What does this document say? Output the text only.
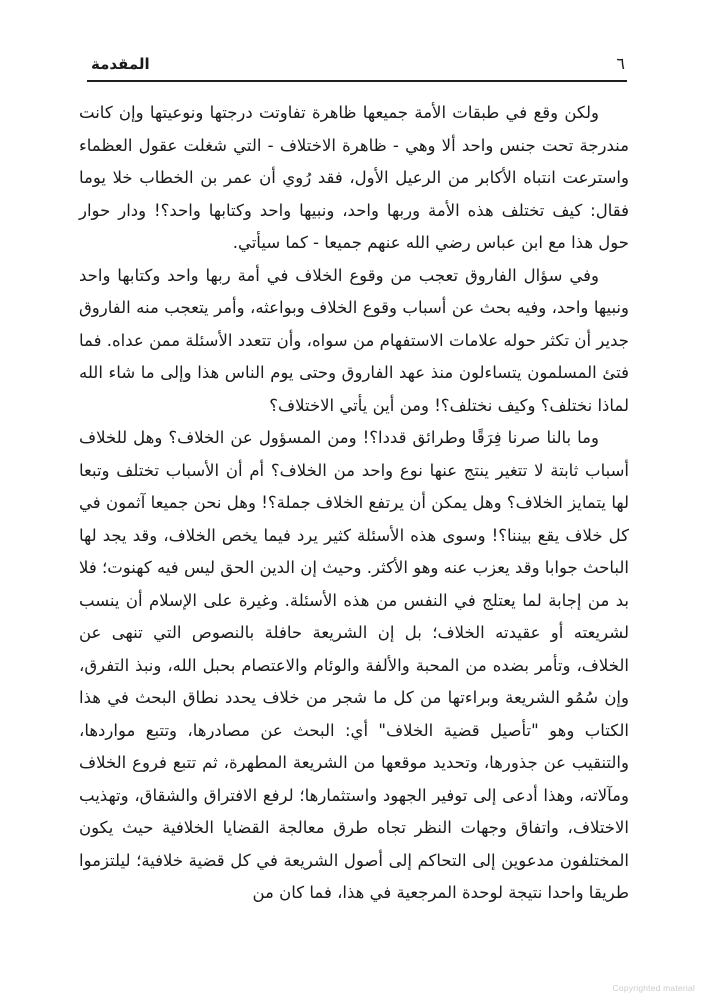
٦
المقدمة

ولكن وقع في طبقات الأمة جميعها ظاهرة تفاوتت درجتها ونوعيتها وإن كانت مندرجة تحت جنس واحد ألا وهي - ظاهرة الاختلاف - التي شغلت عقول العظماء واسترعت انتباه الأكابر من الرعيل الأول، فقد رُوي أن عمر بن الخطاب خلا يوما فقال: كيف تختلف هذه الأمة وربها واحد، ونبيها واحد وكتابها واحد؟! ودار حوار حول هذا مع ابن عباس رضي الله عنهم جميعا - كما سيأتي.

وفي سؤال الفاروق تعجب من وقوع الخلاف في أمة ربها واحد وكتابها واحد ونبيها واحد، وفيه بحث عن أسباب وقوع الخلاف وبواعثه، وأمر يتعجب منه الفاروق جدير أن تكثر حوله علامات الاستفهام من سواه، وأن تتعدد الأسئلة ممن عداه. فما فتئ المسلمون يتساءلون منذ عهد الفاروق وحتى يوم الناس هذا وإلى ما شاء الله لماذا نختلف؟ وكيف نختلف؟! ومن أين يأتي الاختلاف؟

وما بالنا صرنا فِرَقًا وطرائق قددا؟! ومن المسؤول عن الخلاف؟ وهل للخلاف أسباب ثابتة لا تتغير ينتج عنها نوع واحد من الخلاف؟ أم أن الأسباب تختلف وتبعا لها يتمايز الخلاف؟ وهل يمكن أن يرتفع الخلاف جملة؟! وهل نحن جميعا آثمون في كل خلاف يقع بيننا؟! وسوى هذه الأسئلة كثير يرد فيما يخص الخلاف، وقد يجد لها الباحث جوابا وقد يعزب عنه وهو الأكثر. وحيث إن الدين الحق ليس فيه كهنوت؛ فلا بد من إجابة لما يعتلج في النفس من هذه الأسئلة. وغيرة على الإسلام أن ينسب لشريعته أو عقيدته الخلاف؛ بل إن الشريعة حافلة بالنصوص التي تنهى عن الخلاف، وتأمر بضده من المحبة والألفة والوئام والاعتصام بحبل الله، ونبذ التفرق، وإن سُمُو الشريعة وبراءتها من كل ما شجر من خلاف يحدد نطاق البحث في هذا الكتاب وهو "تأصيل قضية الخلاف" أي: البحث عن مصادرها، وتتبع مواردها، والتنقيب عن جذورها، وتحديد موقعها من الشريعة المطهرة، ثم تتبع فروع الخلاف ومآلاته، وهذا أدعى إلى توفير الجهود واستثمارها؛ لرفع الافتراق والشقاق، وتهذيب الاختلاف، واتفاق وجهات النظر تجاه طرق معالجة القضايا الخلافية حيث يكون المختلفون مدعوين إلى التحاكم إلى أصول الشريعة في كل قضية خلافية؛ ليلتزموا طريقا واحدا نتيجة لوحدة المرجعية في هذا، فما كان من

Copyrighted material
